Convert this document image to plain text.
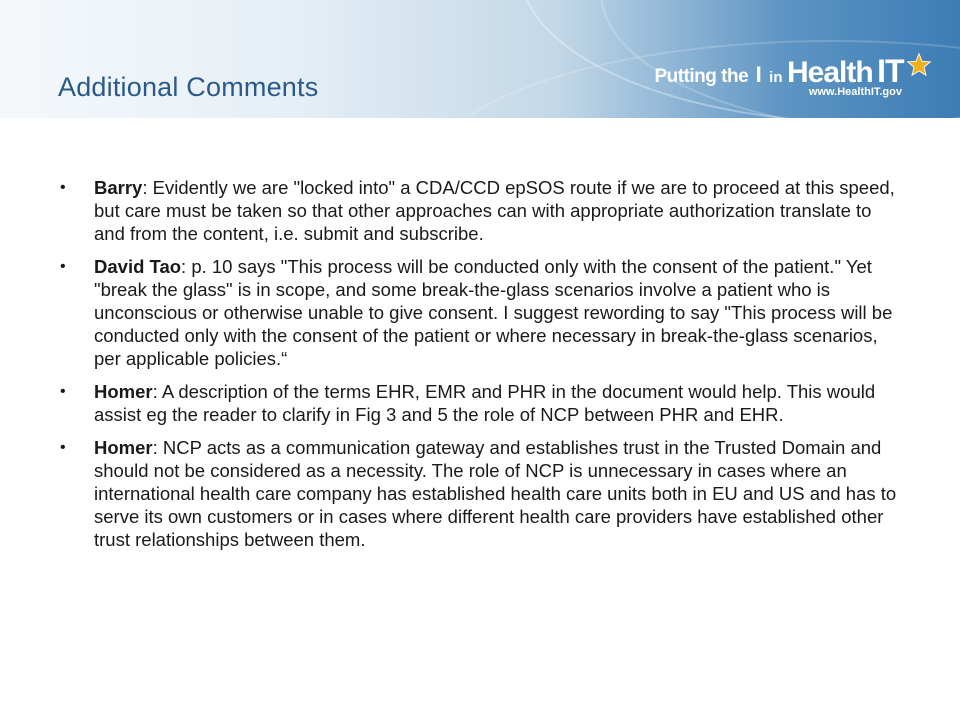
Additional Comments	Putting the I in Health IT
www.HealthIT.gov
• Barry: Evidently we are "locked into" a CDA/CCD epSOS route if we are to proceed at this speed, but care must be taken so that other approaches can with appropriate authorization translate to and from the content, i.e. submit and subscribe.
• David Tao: p. 10 says "This process will be conducted only with the consent of the patient." Yet "break the glass" is in scope, and some break-the-glass scenarios involve a patient who is unconscious or otherwise unable to give consent. I suggest rewording to say "This process will be conducted only with the consent of the patient or where necessary in break-the-glass scenarios, per applicable policies.“
• Homer: A description of the terms EHR, EMR and PHR in the document would help. This would assist eg the reader to clarify in Fig 3 and 5 the role of NCP between PHR and EHR.
• Homer: NCP acts as a communication gateway and establishes trust in the Trusted Domain and should not be considered as a necessity. The role of NCP is unnecessary in cases where an international health care company has established health care units both in EU and US and has to serve its own customers or in cases where different health care providers have established other trust relationships between them.
